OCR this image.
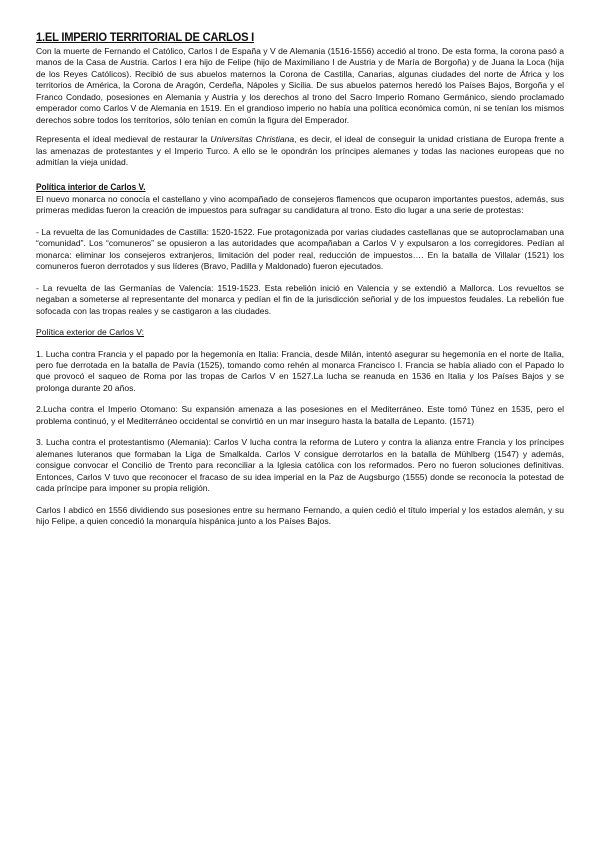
1.EL IMPERIO TERRITORIAL DE CARLOS I

Con la muerte de Fernando el Católico, Carlos I de España y V de Alemania (1516-1556) accedió al trono. De esta forma, la corona pasó a manos de la Casa de Austria. Carlos I era hijo de Felipe (hijo de Maximiliano I de Austria y de María de Borgoña) y de Juana la Loca (hija de los Reyes Católicos). Recibió de sus abuelos maternos la Corona de Castilla, Canarias, algunas ciudades del norte de África y los territorios de América, la Corona de Aragón, Cerdeña, Nápoles y Sicilia. De sus abuelos paternos heredó los Países Bajos, Borgoña y el Franco Condado, posesiones en Alemania y Austria y los derechos al trono del Sacro Imperio Romano Germánico, siendo proclamado emperador como Carlos V de Alemania en 1519. En el grandioso imperio no había una política económica común, ni se tenían los mismos derechos sobre todos los territorios, sólo tenían en común la figura del Emperador.

Representa el ideal medieval de restaurar la Universitas Christiana, es decir, el ideal de conseguir la unidad cristiana de Europa frente a las amenazas de protestantes y el Imperio Turco. A ello se le opondrán los príncipes alemanes y todas las naciones europeas que no admitían la vieja unidad.

Política interior de Carlos V.

El nuevo monarca no conocía el castellano y vino acompañado de consejeros flamencos que ocuparon importantes puestos, además, sus primeras medidas fueron la creación de impuestos para sufragar su candidatura al trono. Esto dio lugar a una serie de protestas:

- La revuelta de las Comunidades de Castilla: 1520-1522. Fue protagonizada por varias ciudades castellanas que se autoproclamaban una “comunidad”. Los “comuneros” se opusieron a las autoridades que acompañaban a Carlos V y expulsaron a los corregidores. Pedían al monarca: eliminar los consejeros extranjeros, limitación del poder real, reducción de impuestos…. En la batalla de Villalar (1521) los comuneros fueron derrotados y sus líderes (Bravo, Padilla y Maldonado) fueron ejecutados.

- La revuelta de las Germanías de Valencia: 1519-1523. Esta rebelión inició en Valencia y se extendió a Mallorca. Los revueltos se negaban a someterse al representante del monarca y pedían el fin de la jurisdicción señorial y de los impuestos feudales. La rebelión fue sofocada con las tropas reales y se castigaron a las ciudades.

Política exterior de Carlos V:

1. Lucha contra Francia y el papado por la hegemonía en Italia: Francia, desde Milán, intentó asegurar su hegemonía en el norte de Italia, pero fue derrotada en la batalla de Pavía (1525), tomando como rehén al monarca Francisco I. Francia se había aliado con el Papado lo que provocó el saqueo de Roma por las tropas de Carlos V en 1527.La lucha se reanuda en 1536 en Italia y los Países Bajos y se prolonga durante 20 años.

2.Lucha contra el Imperio Otomano: Su expansión amenaza a las posesiones en el Mediterráneo. Este tomó Túnez en 1535, pero el problema continuó, y el Mediterráneo occidental se convirtió en un mar inseguro hasta la batalla de Lepanto. (1571)

3. Lucha contra el protestantismo (Alemania): Carlos V lucha contra la reforma de Lutero y contra la alianza entre Francia y los príncipes alemanes luteranos que formaban la Liga de Smalkalda. Carlos V consigue derrotarlos en la batalla de Mühlberg (1547) y además, consigue convocar el Concilio de Trento para reconciliar a la Iglesia católica con los reformados. Pero no fueron soluciones definitivas. Entonces, Carlos V tuvo que reconocer el fracaso de su idea imperial en la Paz de Augsburgo (1555) donde se reconocía la potestad de cada príncipe para imponer su propia religión.

Carlos I abdicó en 1556 dividiendo sus posesiones entre su hermano Fernando, a quien cedió el título imperial y los estados alemán, y su hijo Felipe, a quien concedió la monarquía hispánica junto a los Países Bajos.
